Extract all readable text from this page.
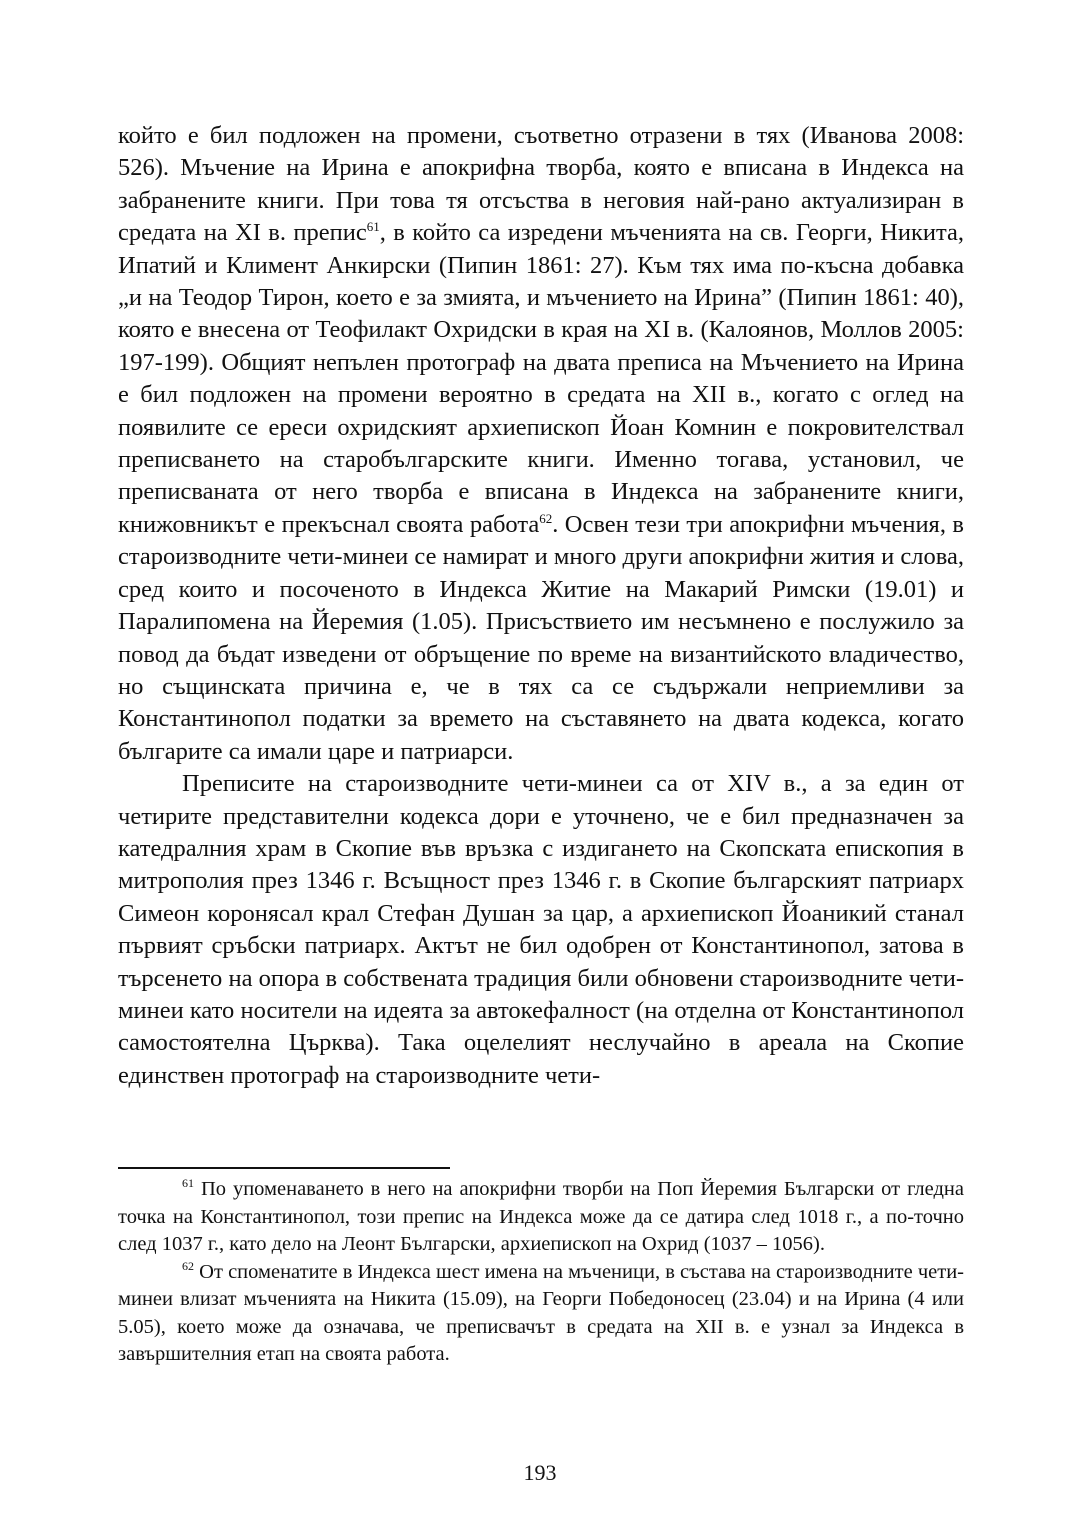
който е бил подложен на промени, съответно отразени в тях (Иванова 2008: 526). Мъчение на Ирина е апокрифна творба, която е вписана в Индекса на забранените книги. При това тя отсъства в неговия най-рано актуализиран в средата на XI в. препис$^{61}$, в който са изредени мъченията на св. Георги, Никита, Ипатий и Климент Анкирски (Пипин 1861: 27). Към тях има по-късна добавка „и на Теодор Тирон, което е за змията, и мъчението на Ирина” (Пипин 1861: 40), която е внесена от Теофилакт Охридски в края на XI в. (Калоянов, Моллов 2005: 197-199). Общият непълен протограф на двата преписа на Мъчението на Ирина е бил подложен на промени вероятно в средата на XII в., когато с оглед на появилите се ереси охридският архиепископ Йоан Комнин е покровителствал преписването на старобългарските книги. Именно тогава, установил, че преписваната от него творба е вписана в Индекса на забранените книги, книжовникът е прекъснал своята работа$^{62}$. Освен тези три апокрифни мъчения, в староизводните чети-минеи се намират и много други апокрифни жития и слова, сред които и посоченото в Индекса Житие на Макарий Римски (19.01) и Паралипомена на Йеремия (1.05). Присъствието им несъмнено е послужило за повод да бъдат изведени от обръщение по време на византийското владичество, но същинската причина е, че в тях са се съдържали неприемливи за Константинопол податки за времето на съставянето на двата кодекса, когато българите са имали царе и патриарси.

Преписите на староизводните чети-минеи са от XIV в., а за един от четирите представителни кодекса дори е уточнено, че е бил предназначен за катедралния храм в Скопие във връзка с издигането на Скопската епископия в митрополия през 1346 г. Всъщност през 1346 г. в Скопие българският патриарх Симеон коронясал крал Стефан Душан за цар, а архиепископ Йоаникий станал първият сръбски патриарх. Актът не бил одобрен от Константинопол, затова в търсенето на опора в собствената традиция били обновени староизводните чети-минеи като носители на идеята за автокефалност (на отделна от Константинопол самостоятелна Църква). Така оцелелият неслучайно в ареала на Скопие единствен протограф на староизводните чети-

$^{61}$ По упоменаването в него на апокрифни творби на Поп Йеремия Български от гледна точка на Константинопол, този препис на Индекса може да се датира след 1018 г., а по-точно след 1037 г., като дело на Леонт Български, архиепископ на Охрид (1037 – 1056).

$^{62}$ От споменатите в Индекса шест имена на мъченици, в състава на староизводните чети-минеи влизат мъченията на Никита (15.09), на Георги Победоносец (23.04) и на Ирина (4 или 5.05), което може да означава, че преписвачът в средата на XII в. е узнал за Индекса в завършителния етап на своята работа.

193
